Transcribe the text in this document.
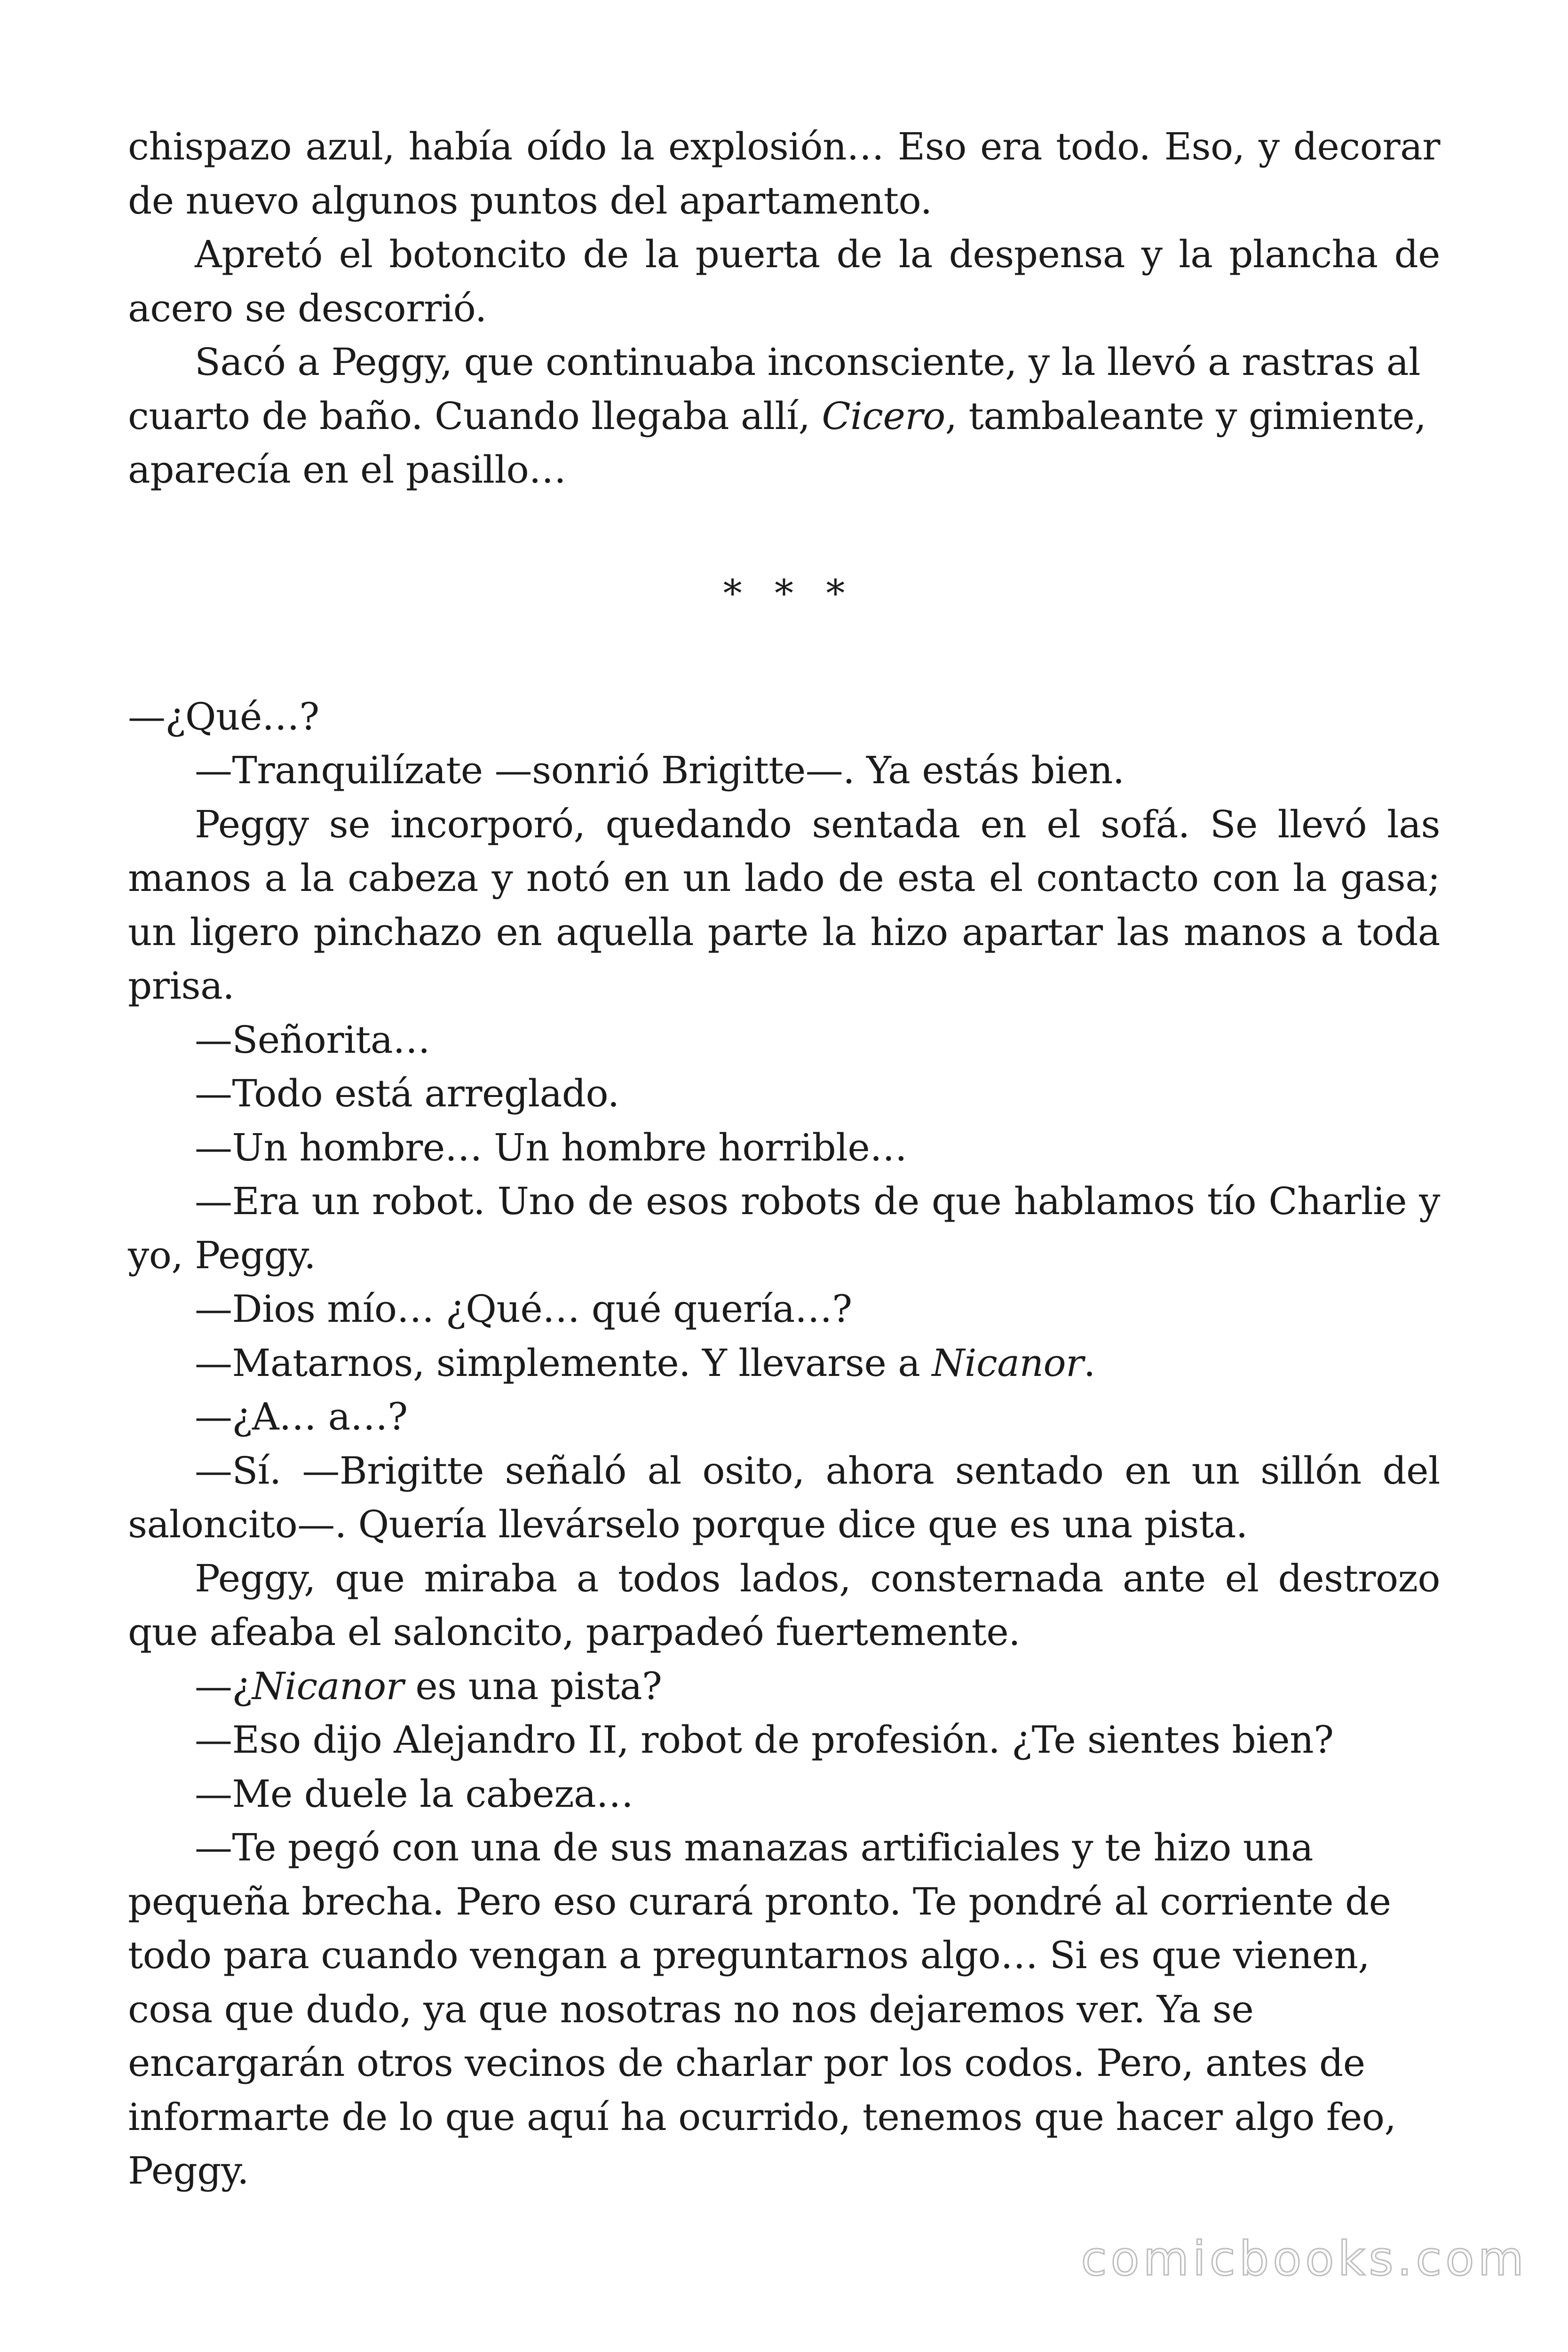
chispazo azul, había oído la explosión… Eso era todo. Eso, y decorar de nuevo algunos puntos del apartamento.

Apretó el botoncito de la puerta de la despensa y la plancha de acero se descorrió.

Sacó a Peggy, que continuaba inconsciente, y la llevó a rastras al cuarto de baño. Cuando llegaba allí, Cicero, tambaleante y gimiente, aparecía en el pasillo…

* * *

—¿Qué…?

—Tranquilízate —sonrió Brigitte—. Ya estás bien.

Peggy se incorporó, quedando sentada en el sofá. Se llevó las manos a la cabeza y notó en un lado de esta el contacto con la gasa; un ligero pinchazo en aquella parte la hizo apartar las manos a toda prisa.

—Señorita…

—Todo está arreglado.

—Un hombre… Un hombre horrible…

—Era un robot. Uno de esos robots de que hablamos tío Charlie y yo, Peggy.

—Dios mío… ¿Qué… qué quería…?

—Matarnos, simplemente. Y llevarse a Nicanor.

—¿A… a…?

—Sí. —Brigitte señaló al osito, ahora sentado en un sillón del saloncito—. Quería llevárselo porque dice que es una pista.

Peggy, que miraba a todos lados, consternada ante el destrozo que afeaba el saloncito, parpadeó fuertemente.

—¿Nicanor es una pista?

—Eso dijo Alejandro II, robot de profesión. ¿Te sientes bien?

—Me duele la cabeza…

—Te pegó con una de sus manazas artificiales y te hizo una pequeña brecha. Pero eso curará pronto. Te pondré al corriente de todo para cuando vengan a preguntarnos algo… Si es que vienen, cosa que dudo, ya que nosotras no nos dejaremos ver. Ya se encargarán otros vecinos de charlar por los codos. Pero, antes de informarte de lo que aquí ha ocurrido, tenemos que hacer algo feo, Peggy.

comicbooks.com
